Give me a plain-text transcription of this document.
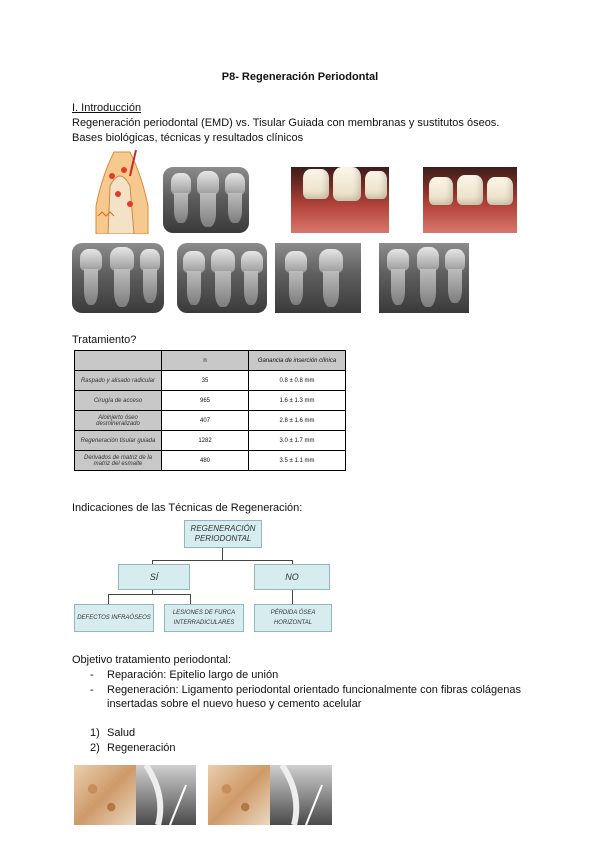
P8- Regeneración Periodontal
I. Introducción
Regeneración periodontal (EMD) vs. Tisular Guiada con membranas y sustitutos óseos.
Bases biológicas, técnicas y resultados clínicos
Tratamiento?
	n	Ganancia de inserción clínica
Raspado y alisado radicular	35	0.8 ± 0.8 mm
Cirugía de acceso	965	1.6 ± 1.3 mm
Aloinjerto óseo desmineralizado	407	2.8 ± 1.6 mm
Regeneración tisular guiada	1282	3.0 ± 1.7 mm
Derivados de matriz de la matriz del esmalte	480	3.5 ± 1.1 mm
Indicaciones de las Técnicas de Regeneración:
REGENERACIÓN PERIODONTAL
SÍ	NO
DEFECTOS INFRAÓSEOS
LESIONES DE FURCA INTERRADICULARES
PÉRDIDA ÓSEA HORIZONTAL
Objetivo tratamiento periodontal:
- Reparación: Epitelio largo de unión
- Regeneración: Ligamento periodontal orientado funcionalmente con fibras colágenas
insertadas sobre el nuevo hueso y cemento acelular
1) Salud
2) Regeneración
